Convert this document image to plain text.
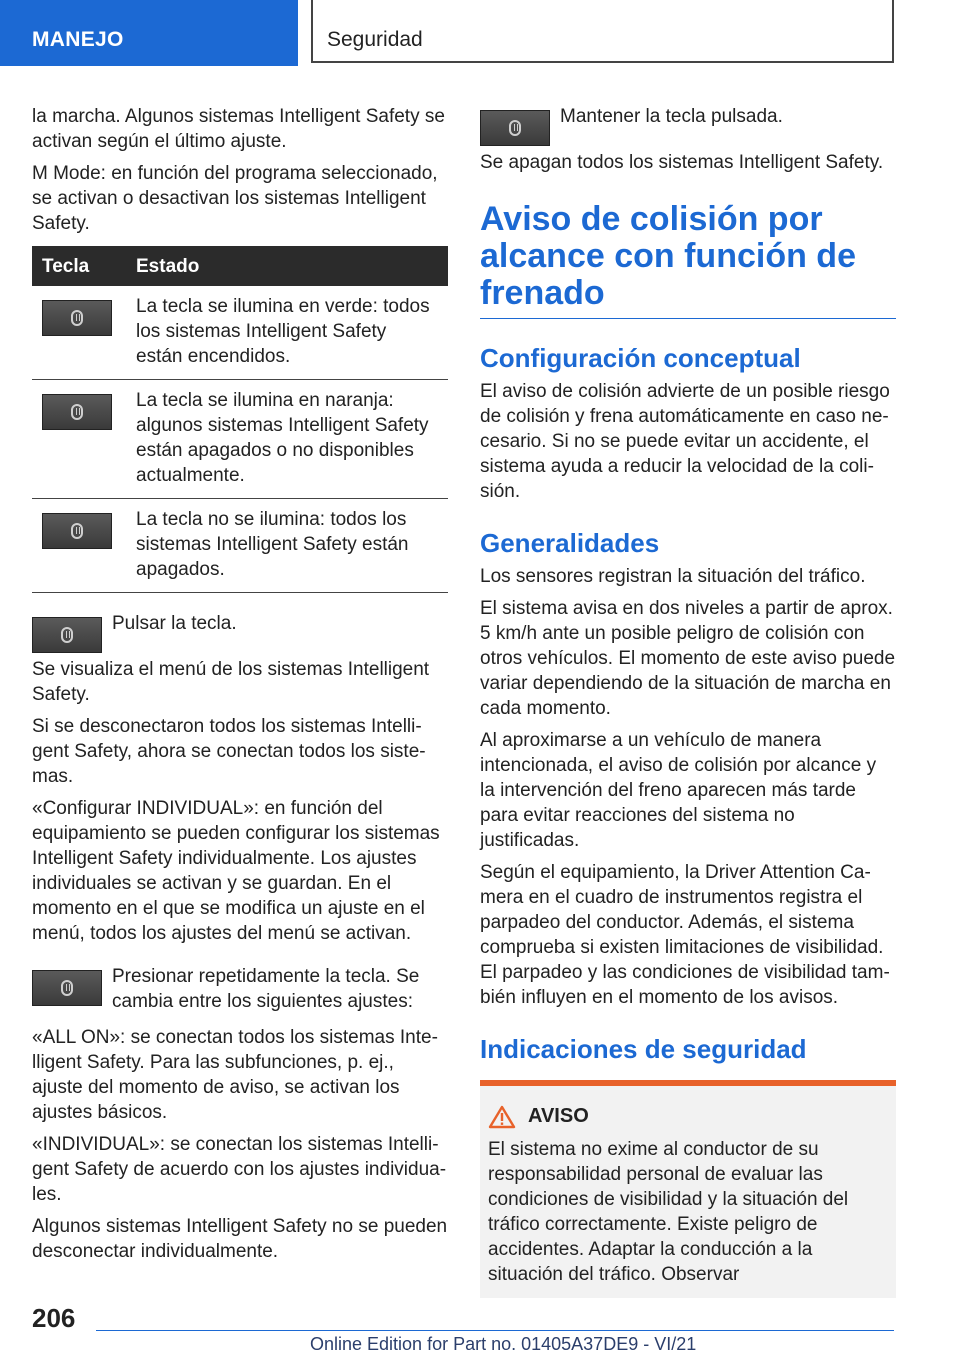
MANEJO	Seguridad

la marcha. Algunos sistemas Intelligent Safety se activan según el último ajuste.

M Mode: en función del programa seleccionado, se activan o desactivan los sistemas Intelligent Safety.

Tecla	Estado

	La tecla se ilumina en verde: todos los sistemas Intelligent Safety están encendidos.

	La tecla se ilumina en naranja: algunos sistemas Intelligent Safety están apagados o no disponibles actualmente.

	La tecla no se ilumina: todos los sistemas Intelligent Safety están apagados.

Pulsar la tecla.

Se visualiza el menú de los sistemas Intelligent Safety.

Si se desconectaron todos los sistemas Intelligent Safety, ahora se conectan todos los sistemas.

«Configurar INDIVIDUAL»: en función del equipamiento se pueden configurar los sistemas Intelligent Safety individualmente. Los ajustes individuales se activan y se guardan. En el momento en el que se modifica un ajuste en el menú, todos los ajustes del menú se activan.

Presionar repetidamente la tecla. Se cambia entre los siguientes ajustes:

«ALL ON»: se conectan todos los sistemas Intelligent Safety. Para las subfunciones, p. ej., ajuste del momento de aviso, se activan los ajustes básicos.

«INDIVIDUAL»: se conectan los sistemas Intelligent Safety de acuerdo con los ajustes individuales.

Algunos sistemas Intelligent Safety no se pueden desconectar individualmente.

Mantener la tecla pulsada.

Se apagan todos los sistemas Intelligent Safety.

Aviso de colisión por alcance con función de frenado
Configuración conceptual

El aviso de colisión advierte de un posible riesgo de colisión y frena automáticamente en caso necesario. Si no se puede evitar un accidente, el sistema ayuda a reducir la velocidad de la colisión.

Generalidades

Los sensores registran la situación del tráfico.

El sistema avisa en dos niveles a partir de aprox. 5 km/h ante un posible peligro de colisión con otros vehículos. El momento de este aviso puede variar dependiendo de la situación de marcha en cada momento.

Al aproximarse a un vehículo de manera intencionada, el aviso de colisión por alcance y la intervención del freno aparecen más tarde para evitar reacciones del sistema no justificadas.

Según el equipamiento, la Driver Attention Camera en el cuadro de instrumentos registra el parpadeo del conductor. Además, el sistema comprueba si existen limitaciones de visibilidad. El parpadeo y las condiciones de visibilidad también influyen en el momento de los avisos.

Indicaciones de seguridad
AVISO

El sistema no exime al conductor de su responsabilidad personal de evaluar las condiciones de visibilidad y la situación del tráfico correctamente. Existe peligro de accidentes. Adaptar la conducción a la situación del tráfico. Observar

206
Online Edition for Part no. 01405A37DE9 - VI/21
